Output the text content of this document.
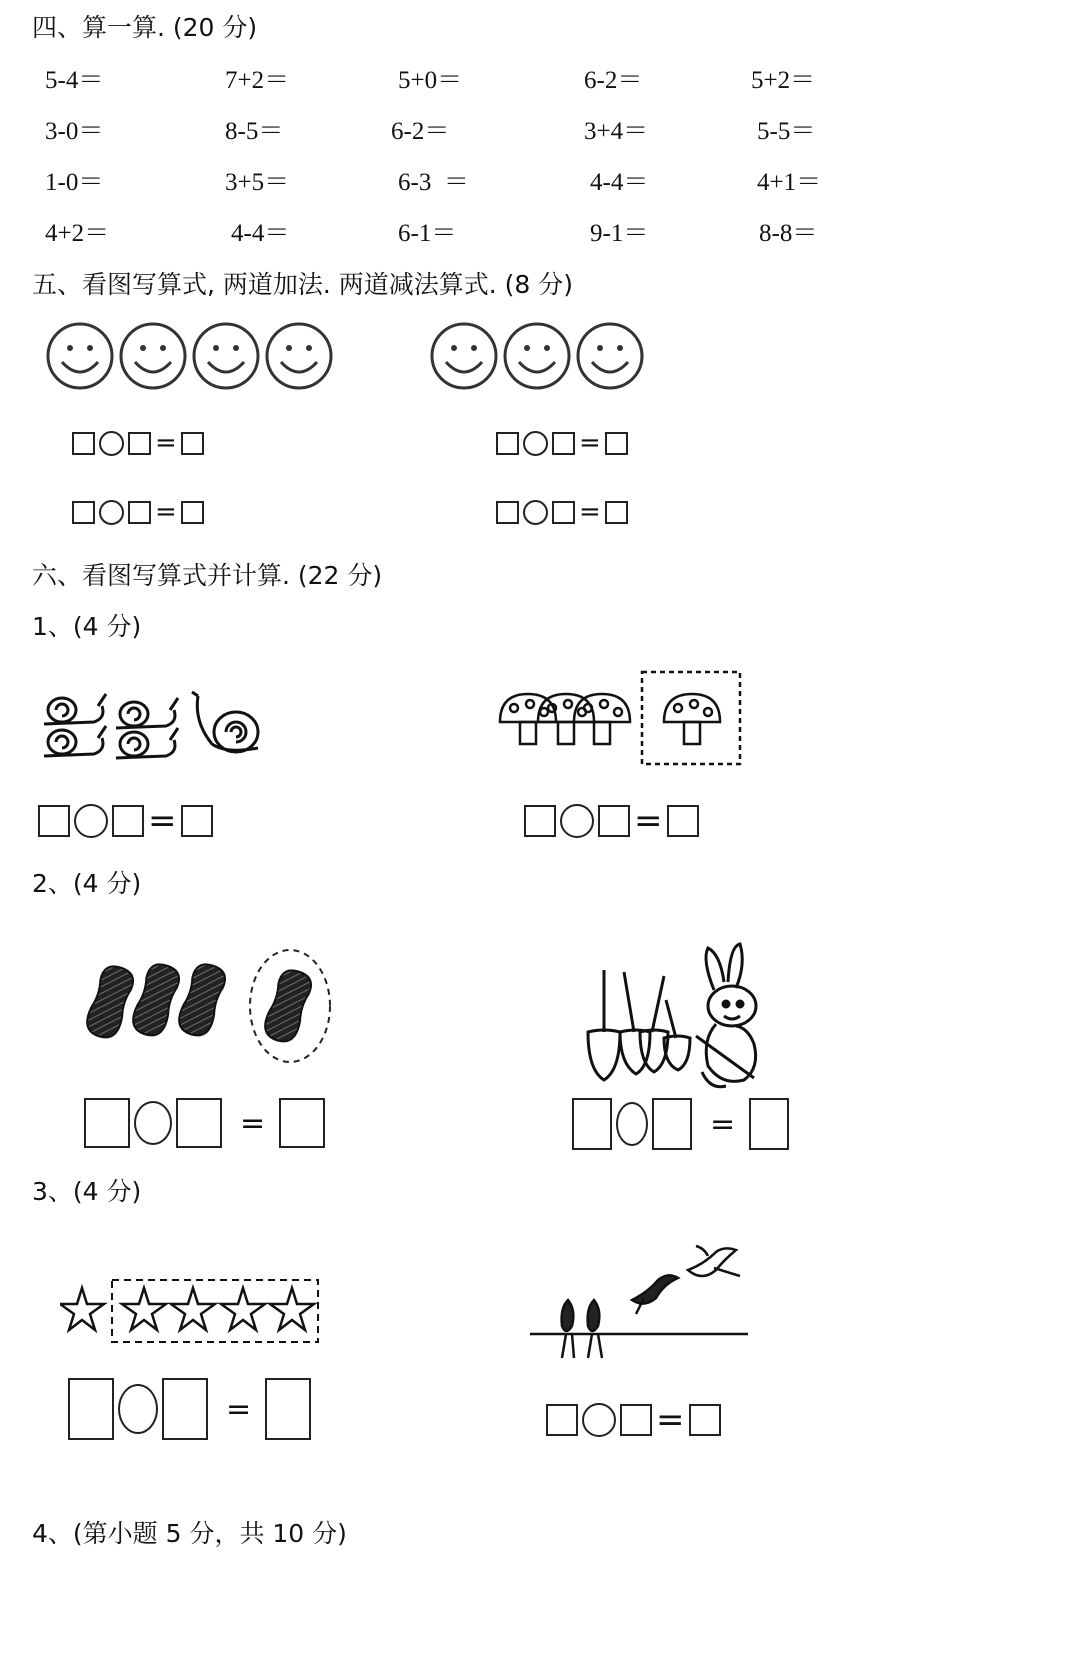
四、算一算. (20 分)
5-4＝	7+2＝	5+0＝	6-2＝	5+2＝
3-0＝	8-5＝	6-2＝	3+4＝	5-5＝
1-0＝	3+5＝	6-3  ＝	4-4＝	4+1＝
4+2＝	4-4＝	6-1＝	9-1＝	8-8＝
五、看图写算式, 两道加法. 两道减法算式. (8 分)
=
=
=
=
六、看图写算式并计算. (22 分)
1、(4 分)
=	=
2、(4 分)
=	=
3、(4 分)
=	=
4、(第小题 5 分，共 10 分)
